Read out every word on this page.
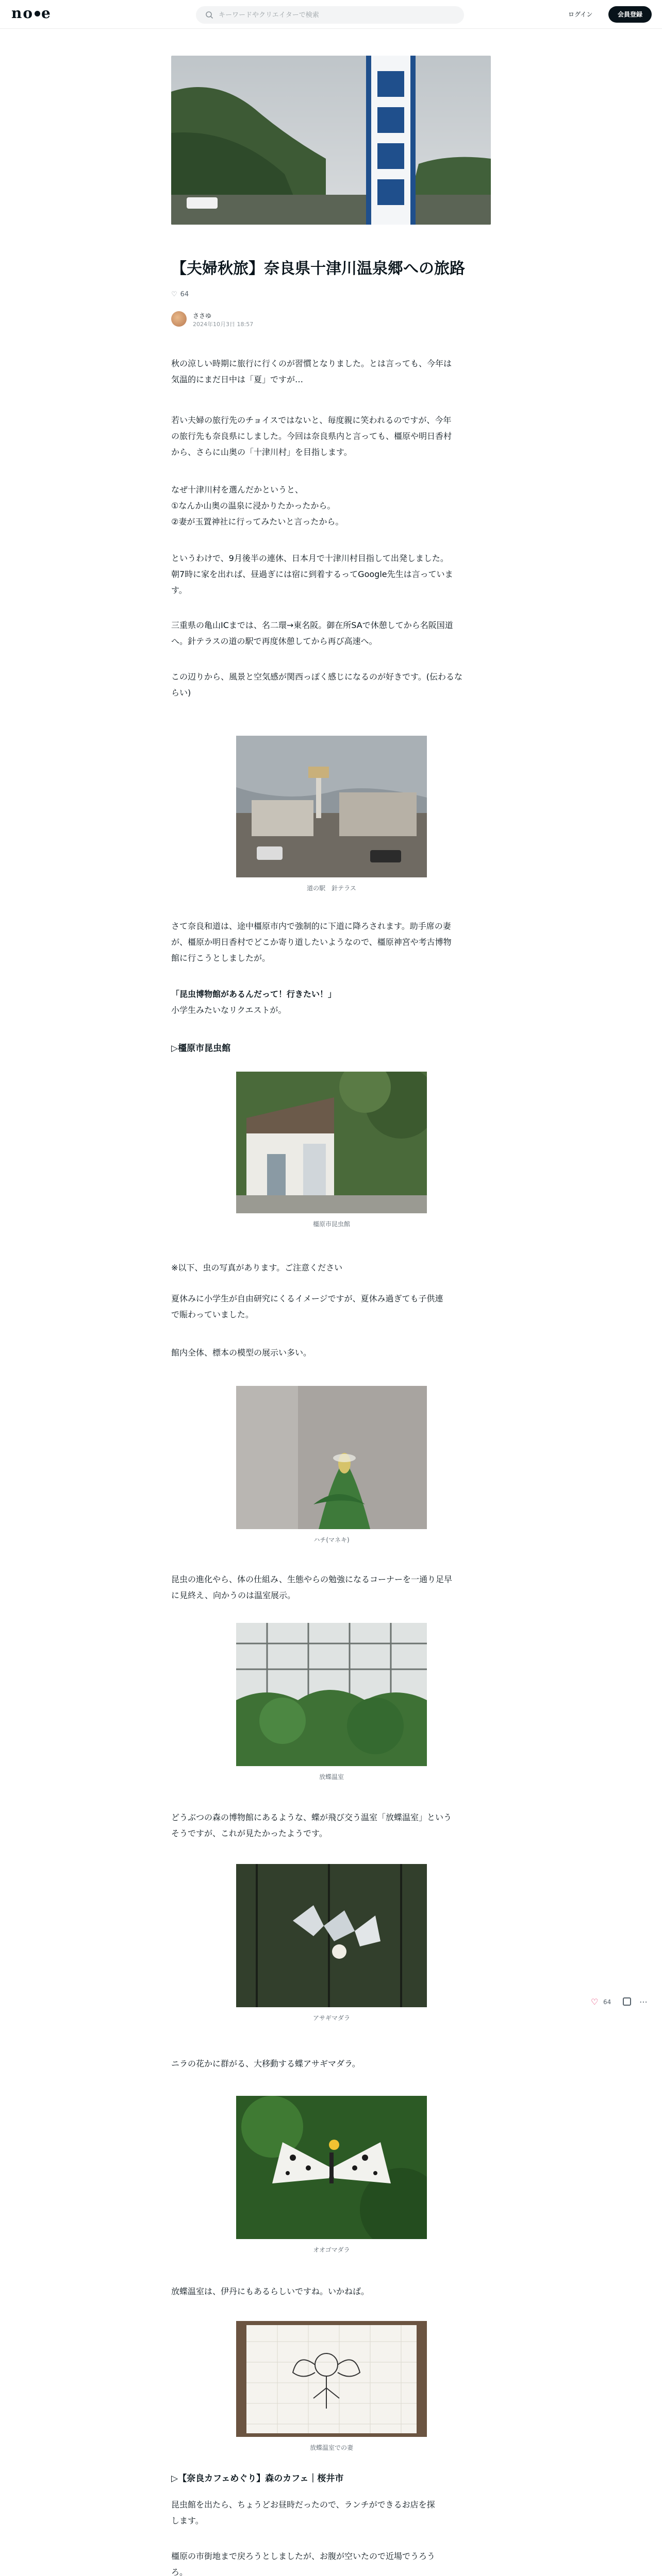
no e
キーワードやクリエイターで検索	ログイン	会員登録
【夫婦秋旅】奈良県十津川温泉郷への旅路
♡ 64
ささゆ
2024年10月3日 18:57
秋の涼しい時期に旅行に行くのが習慣となりました。とは言っても、今年は
気温的にまだ日中は「夏」ですが…
若い夫婦の旅行先のチョイスではないと、毎度親に笑われるのですが、今年
の旅行先も奈良県にしました。今回は奈良県内と言っても、橿原や明日香村
から、さらに山奥の「十津川村」を目指します。
なぜ十津川村を選んだかというと、
①なんか山奥の温泉に浸かりたかったから。
②妻が玉置神社に行ってみたいと言ったから。
というわけで、9月後半の連休、日本月で十津川村目指して出発しました。
朝7時に家を出れば、昼過ぎには宿に到着するってGoogle先生は言っていま
す。
三重県の亀山ICまでは、名二環→東名阪。御在所SAで休憩してから名阪国道
へ。針テラスの道の駅で再度休憩してから再び高速へ。
この辺りから、風景と空気感が関西っぽく感じになるのが好きです。(伝わるな
らい)
道の駅　針テラス
さて奈良和道は、途中橿原市内で強制的に下道に降ろされます。助手席の妻
が、橿原か明日香村でどこか寄り道したいようなので、橿原神宮や考古博物
館に行こうとしましたが。
「昆虫博物館があるんだって！行きたい！」
小学生みたいなリクエストが。
▷橿原市昆虫館
橿原市昆虫館
※以下、虫の写真があります。ご注意ください
夏休みに小学生が自由研究にくるイメージですが、夏休み過ぎても子供連
で賑わっていました。
館内全体、標本の模型の展示い多い。
ハチ(マネキ)
昆虫の進化やら、体の仕組み、生態やらの勉強になるコーナーを一通り足早
に見終え、向かうのは温室展示。
放蝶温室
どうぶつの森の博物館にあるような、蝶が飛び交う温室「放蝶温室」という
そうですが、これが見たかったようです。
アサギマダラ
♡ 64	⋯
ニラの花かに群がる、大移動する蝶アサギマダラ。
オオゴマダラ
放蝶温室は、伊丹にもあるらしいですね。いかねば。
放蝶温室での妻
▷【奈良カフェめぐり】森のカフェ｜桜井市
昆虫館を出たら、ちょうどお昼時だったので、ランチができるお店を探
します。
橿原の市街地まで戻ろうとしましたが、お腹が空いたので近場でうろう
ろ。
